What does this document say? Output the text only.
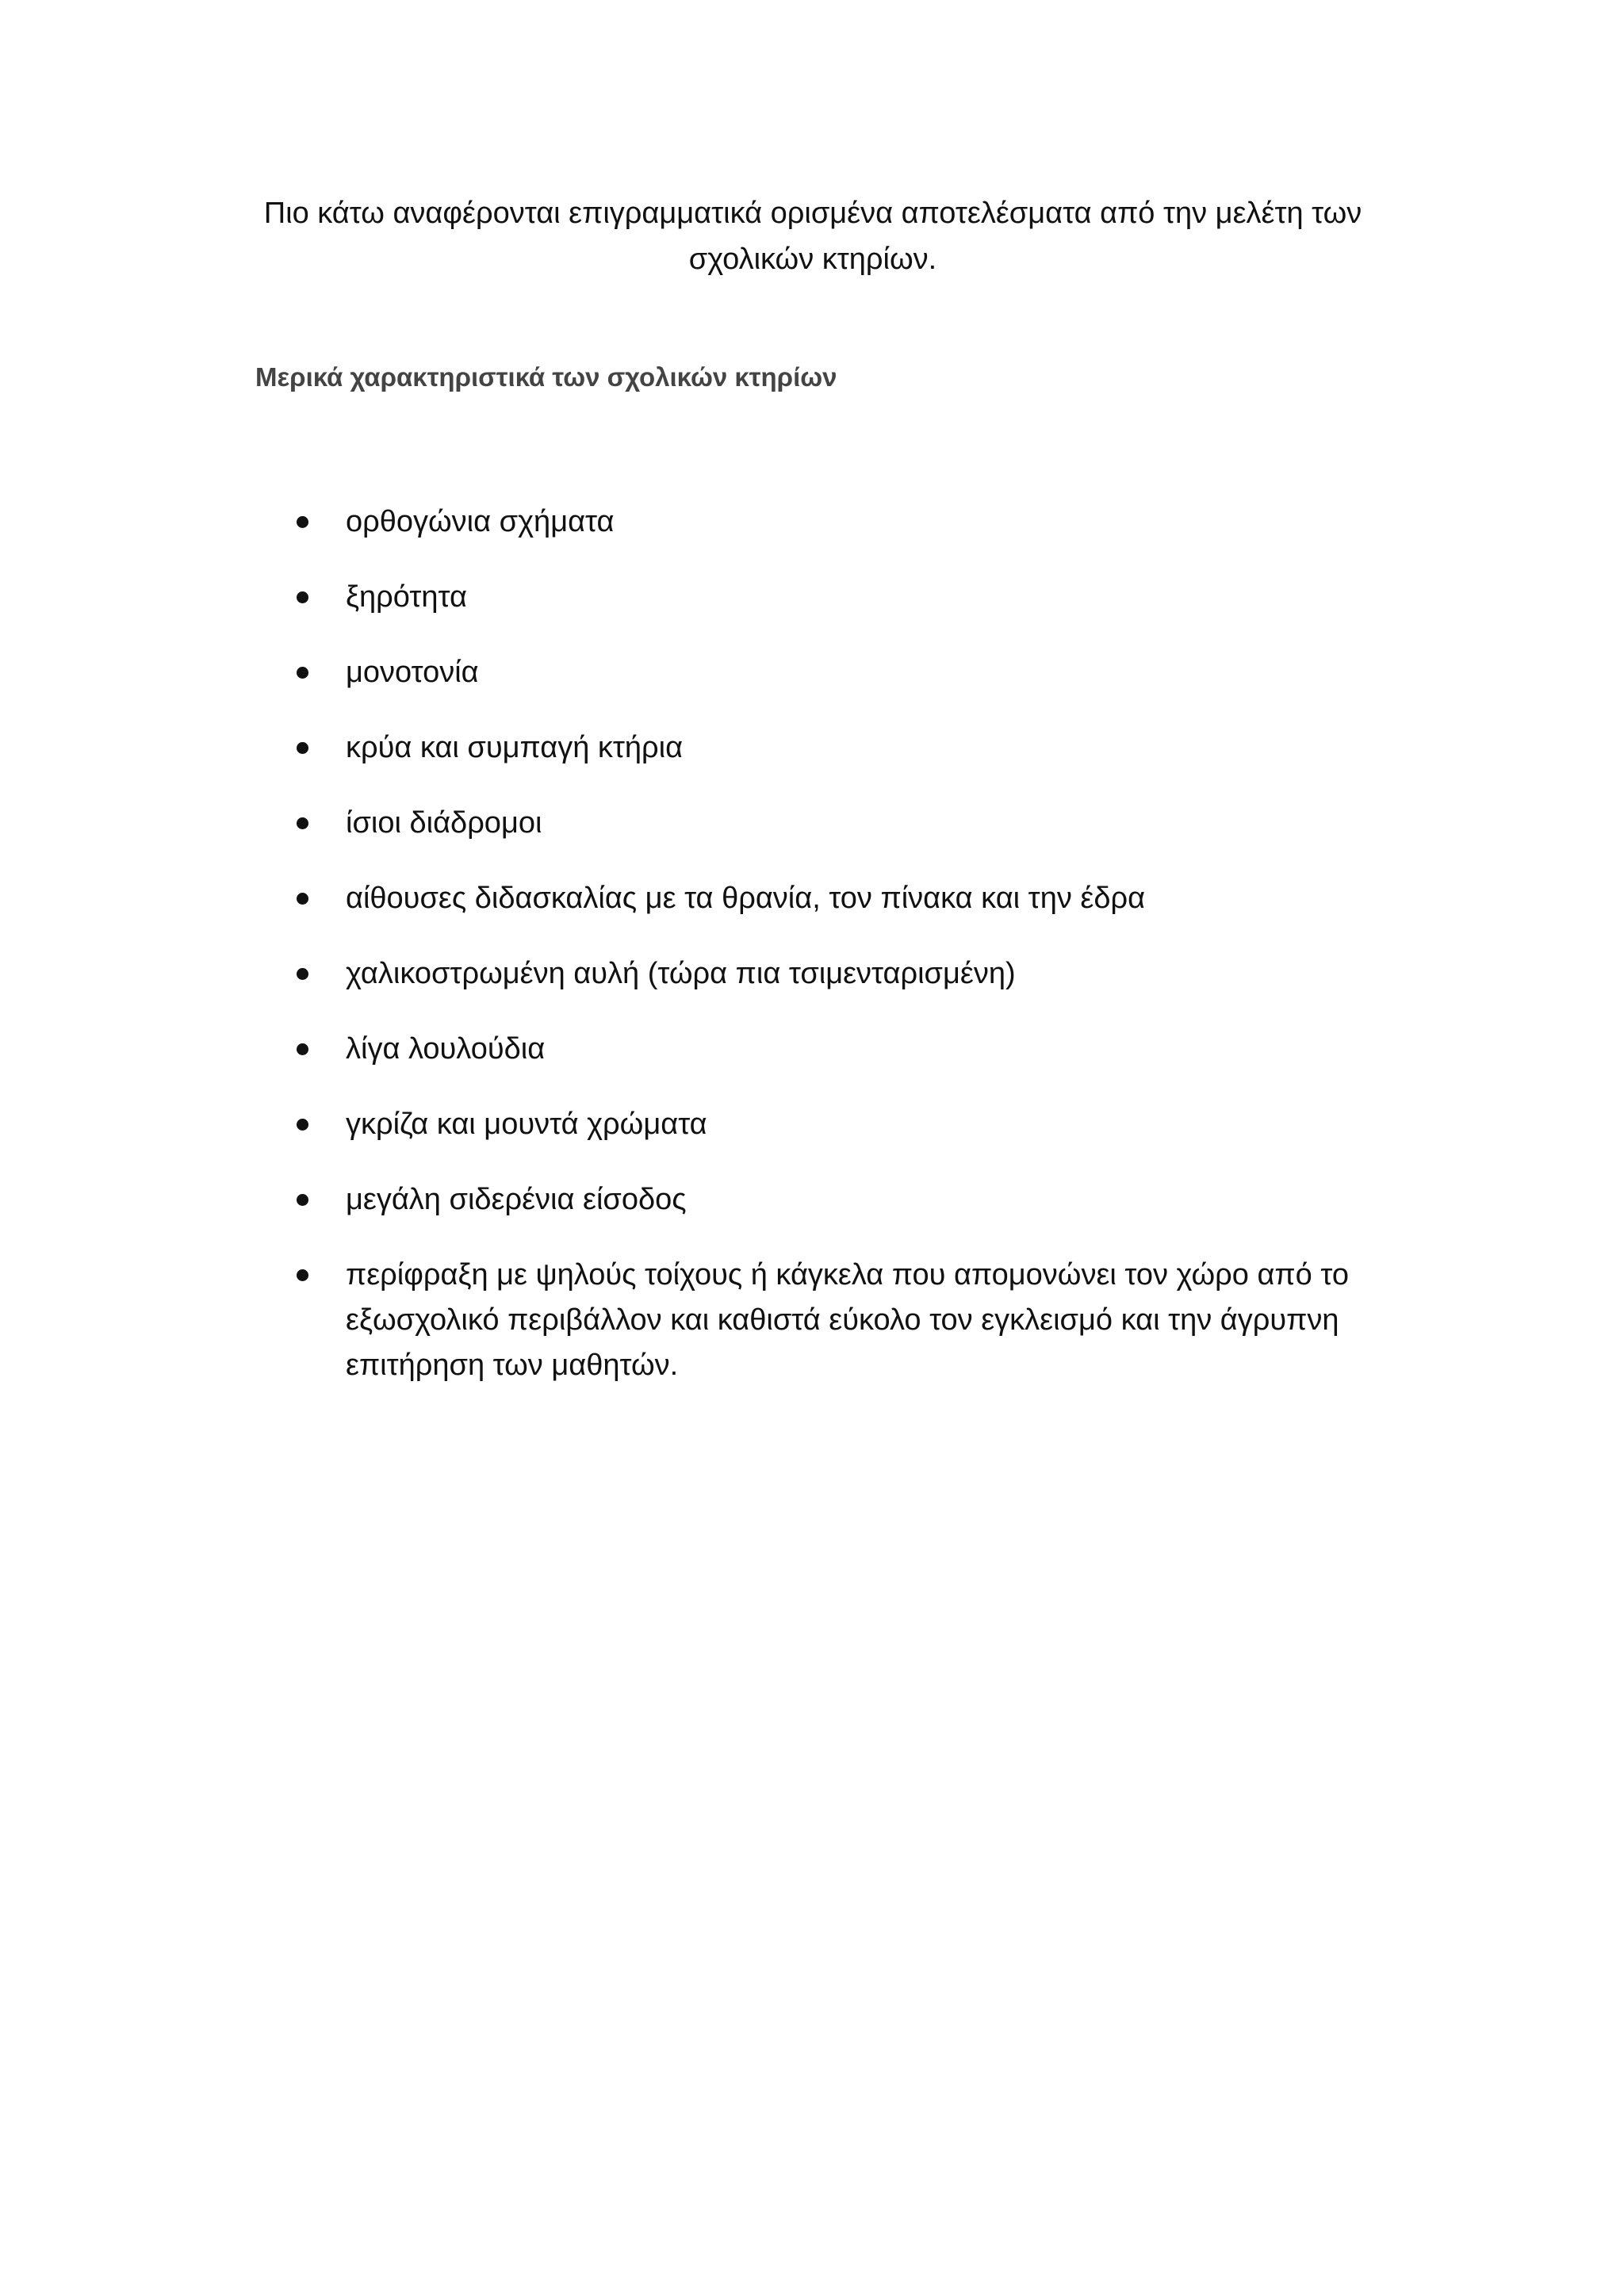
Πιο κάτω αναφέρονται επιγραμματικά ορισμένα αποτελέσματα από την μελέτη των σχολικών κτηρίων.

Μερικά χαρακτηριστικά των σχολικών κτηρίων
ορθογώνια σχήματα
ξηρότητα
μονοτονία
κρύα και συμπαγή κτήρια
ίσιοι διάδρομοι
αίθουσες διδασκαλίας με τα θρανία, τον πίνακα και την έδρα
χαλικοστρωμένη αυλή (τώρα πια τσιμενταρισμένη)
λίγα λουλούδια
γκρίζα και μουντά χρώματα
μεγάλη σιδερένια είσοδος
περίφραξη με ψηλούς τοίχους ή κάγκελα που απομονώνει τον χώρο από το εξωσχολικό περιβάλλον και καθιστά εύκολο τον εγκλεισμό και την άγρυπνη επιτήρηση των μαθητών.
